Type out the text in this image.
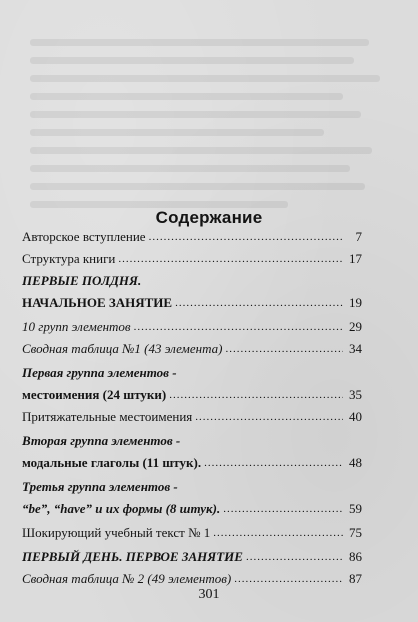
Содержание
Авторское вступление .....	7
Структура книги .....	17
ПЕРВЫЕ ПОЛДНЯ.
НАЧАЛЬНОЕ ЗАНЯТИЕ .....	19
10 групп элементов .....	29
Сводная таблица №1 (43 элемента) .....	34
Первая группа элементов -
местоимения (24 штуки) .....	35
Притяжательные местоимения .....	40
Вторая группа элементов -
модальные глаголы (11 штук). .....	48
Третья группа элементов -
“be”, “have” и их формы (8 штук). .....	59
Шокирующий учебный текст № 1 .....	75
ПЕРВЫЙ ДЕНЬ. ПЕРВОЕ ЗАНЯТИЕ .....	86
Сводная таблица № 2 (49 элементов) .....	87
301
